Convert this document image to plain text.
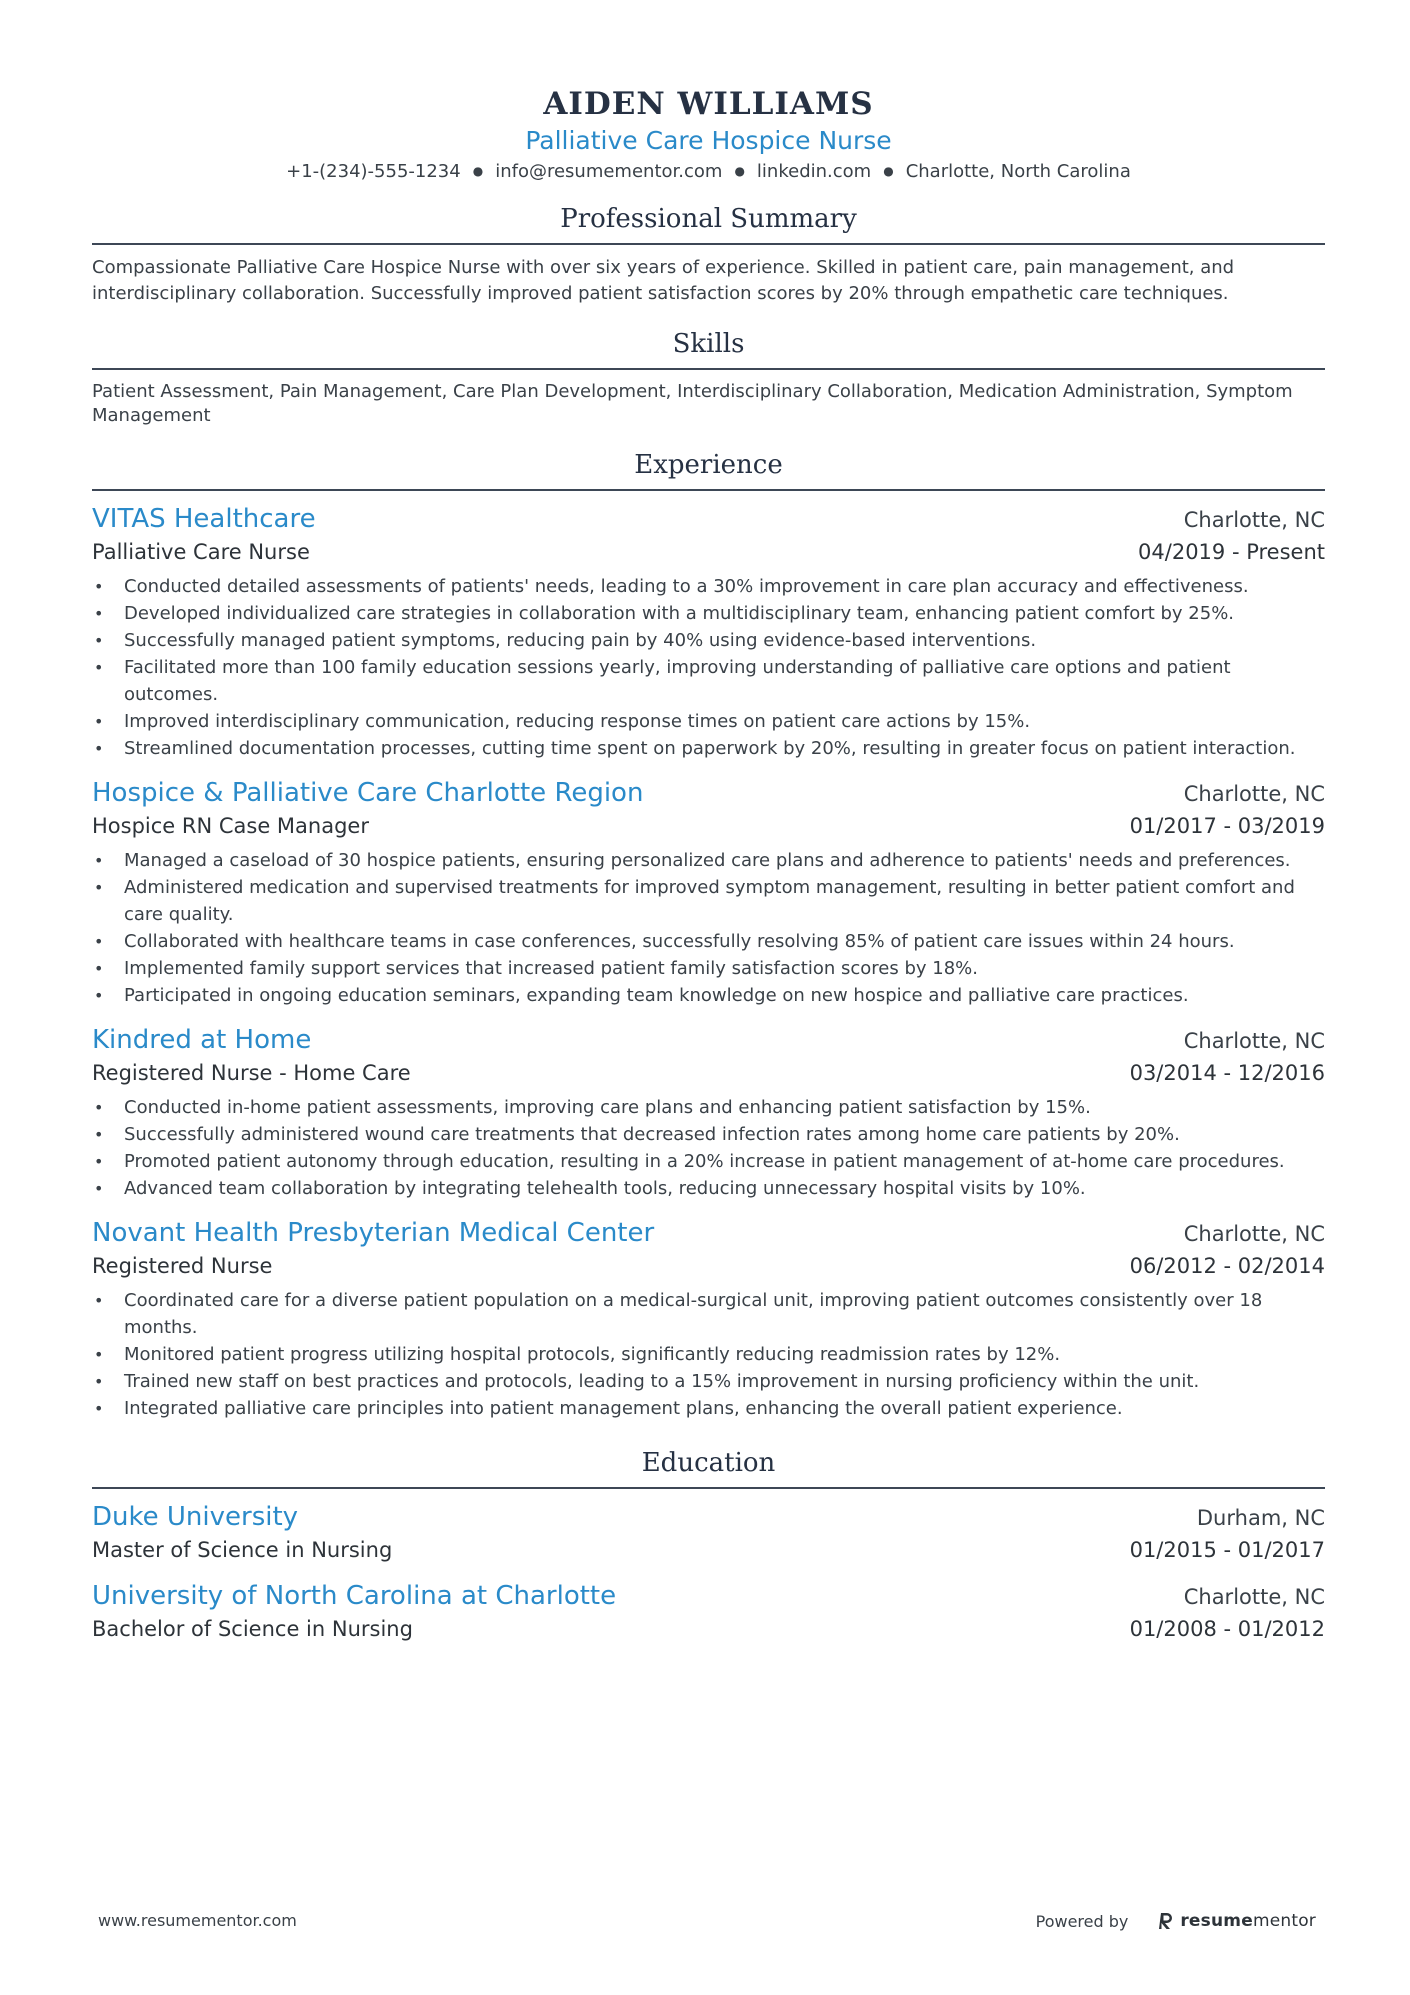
AIDEN WILLIAMS
Palliative Care Hospice Nurse
+1-(234)-555-1234 ● info@resumementor.com ● linkedin.com ● Charlotte, North Carolina
Professional Summary
Compassionate Palliative Care Hospice Nurse with over six years of experience. Skilled in patient care, pain management, and interdisciplinary collaboration. Successfully improved patient satisfaction scores by 20% through empathetic care techniques.
Skills
Patient Assessment, Pain Management, Care Plan Development, Interdisciplinary Collaboration, Medication Administration, Symptom Management
Experience
VITAS Healthcare	Charlotte, NC
Palliative Care Nurse	04/2019 - Present
• Conducted detailed assessments of patients' needs, leading to a 30% improvement in care plan accuracy and effectiveness.
• Developed individualized care strategies in collaboration with a multidisciplinary team, enhancing patient comfort by 25%.
• Successfully managed patient symptoms, reducing pain by 40% using evidence-based interventions.
• Facilitated more than 100 family education sessions yearly, improving understanding of palliative care options and patient outcomes.
• Improved interdisciplinary communication, reducing response times on patient care actions by 15%.
• Streamlined documentation processes, cutting time spent on paperwork by 20%, resulting in greater focus on patient interaction.
Hospice & Palliative Care Charlotte Region	Charlotte, NC
Hospice RN Case Manager	01/2017 - 03/2019
• Managed a caseload of 30 hospice patients, ensuring personalized care plans and adherence to patients' needs and preferences.
• Administered medication and supervised treatments for improved symptom management, resulting in better patient comfort and care quality.
• Collaborated with healthcare teams in case conferences, successfully resolving 85% of patient care issues within 24 hours.
• Implemented family support services that increased patient family satisfaction scores by 18%.
• Participated in ongoing education seminars, expanding team knowledge on new hospice and palliative care practices.
Kindred at Home	Charlotte, NC
Registered Nurse - Home Care	03/2014 - 12/2016
• Conducted in-home patient assessments, improving care plans and enhancing patient satisfaction by 15%.
• Successfully administered wound care treatments that decreased infection rates among home care patients by 20%.
• Promoted patient autonomy through education, resulting in a 20% increase in patient management of at-home care procedures.
• Advanced team collaboration by integrating telehealth tools, reducing unnecessary hospital visits by 10%.
Novant Health Presbyterian Medical Center	Charlotte, NC
Registered Nurse	06/2012 - 02/2014
• Coordinated care for a diverse patient population on a medical-surgical unit, improving patient outcomes consistently over 18 months.
• Monitored patient progress utilizing hospital protocols, significantly reducing readmission rates by 12%.
• Trained new staff on best practices and protocols, leading to a 15% improvement in nursing proficiency within the unit.
• Integrated palliative care principles into patient management plans, enhancing the overall patient experience.
Education
Duke University	Durham, NC
Master of Science in Nursing	01/2015 - 01/2017
University of North Carolina at Charlotte	Charlotte, NC
Bachelor of Science in Nursing	01/2008 - 01/2012
www.resumementor.com	Powered by	resumementor
